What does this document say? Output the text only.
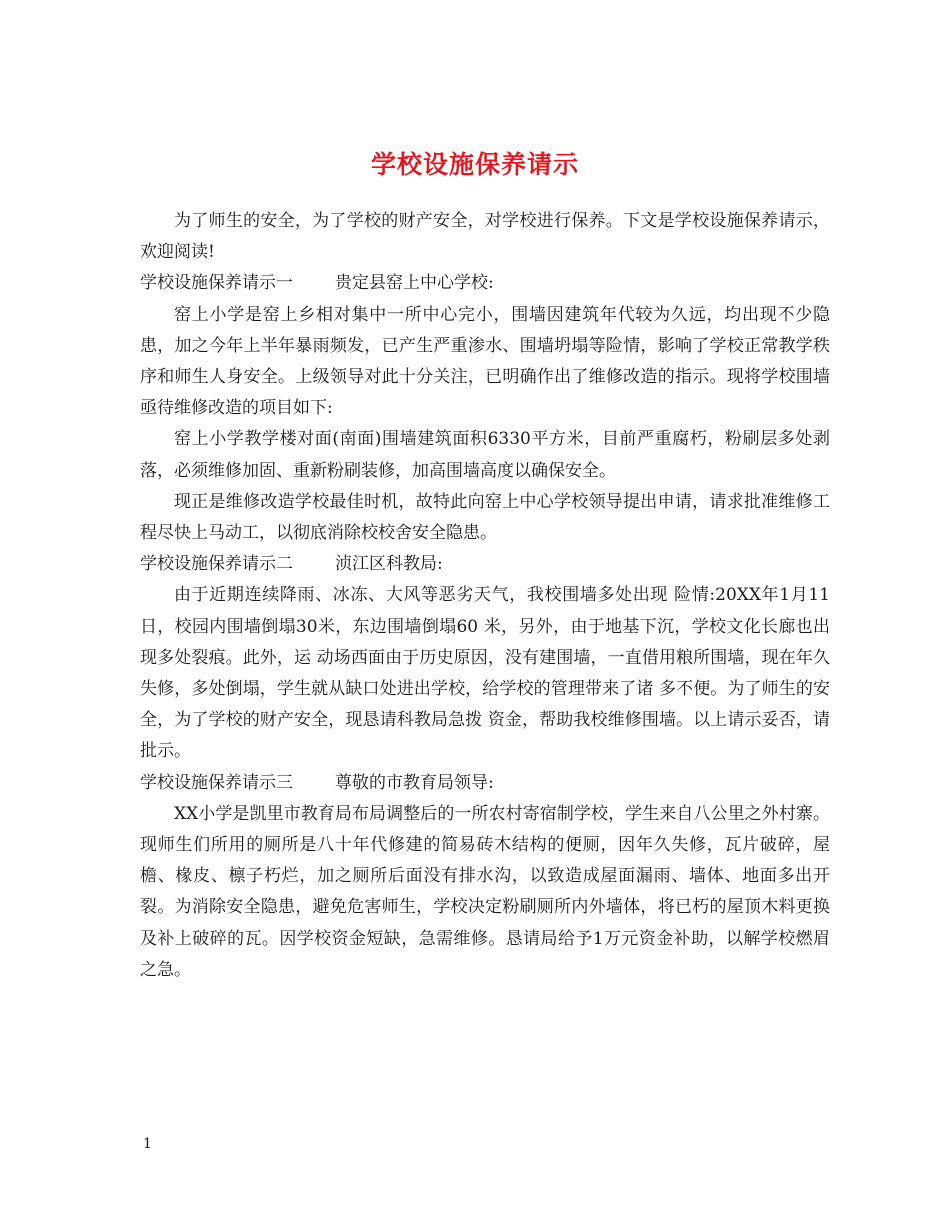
学校设施保养请示

为了师生的安全，为了学校的财产安全，对学校进行保养。下文是学校设施保养请示，欢迎阅读!

学校设施保养请示一 贵定县窑上中心学校:

窑上小学是窑上乡相对集中一所中心完小，围墙因建筑年代较为久远，均出现不少隐患，加之今年上半年暴雨频发，已产生严重渗水、围墙坍塌等险情，影响了学校正常教学秩序和师生人身安全。上级领导对此十分关注，已明确作出了维修改造的指示。现将学校围墙亟待维修改造的项目如下:

窑上小学教学楼对面(南面)围墙建筑面积6330平方米，目前严重腐朽，粉刷层多处剥落，必须维修加固、重新粉刷装修，加高围墙高度以确保安全。

现正是维修改造学校最佳时机，故特此向窑上中心学校领导提出申请，请求批准维修工程尽快上马动工，以彻底消除校校舍安全隐患。

学校设施保养请示二 浈江区科教局:

由于近期连续降雨、冰冻、大风等恶劣天气，我校围墙多处出现 险情:20XX年1月11日，校园内围墙倒塌30米，东边围墙倒塌60 米，另外，由于地基下沉，学校文化长廊也出现多处裂痕。此外，运 动场西面由于历史原因，没有建围墙，一直借用粮所围墙，现在年久 失修，多处倒塌，学生就从缺口处进出学校，给学校的管理带来了诸 多不便。为了师生的安全，为了学校的财产安全，现恳请科教局急拨 资金，帮助我校维修围墙。以上请示妥否，请批示。

学校设施保养请示三 尊敬的市教育局领导:

XX小学是凯里市教育局布局调整后的一所农村寄宿制学校，学生来自八公里之外村寨。现师生们所用的厕所是八十年代修建的简易砖木结构的便厕，因年久失修，瓦片破碎，屋檐、椽皮、檩子朽烂，加之厕所后面没有排水沟，以致造成屋面漏雨、墙体、地面多出开裂。为消除安全隐患，避免危害师生，学校决定粉刷厕所内外墙体，将已朽的屋顶木料更换及补上破碎的瓦。因学校资金短缺，急需维修。恳请局给予1万元资金补助，以解学校燃眉之急。

1
